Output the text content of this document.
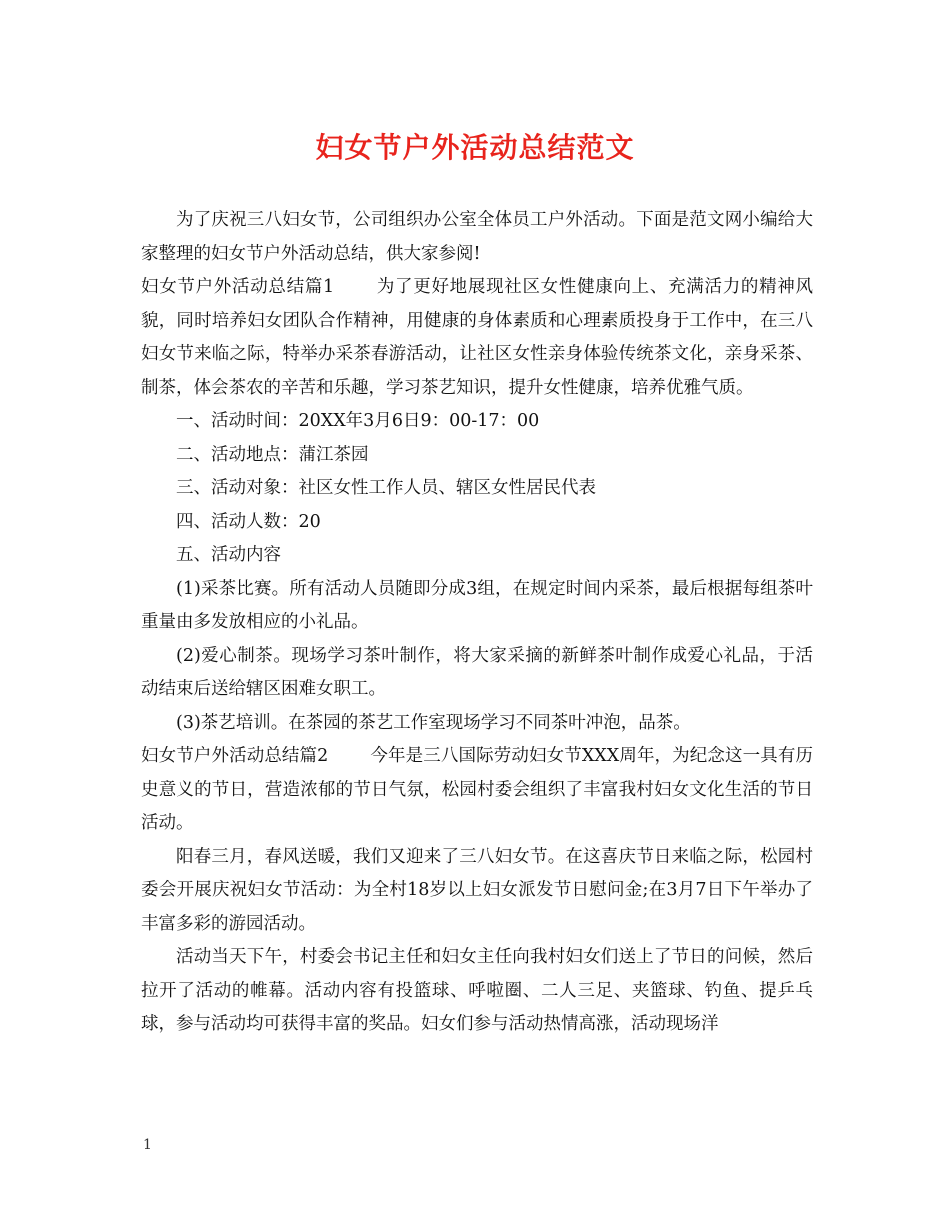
妇女节户外活动总结范文

为了庆祝三八妇女节，公司组织办公室全体员工户外活动。下面是范文网小编给大家整理的妇女节户外活动总结，供大家参阅!

妇女节户外活动总结篇1 为了更好地展现社区女性健康向上、充满活力的精神风貌，同时培养妇女团队合作精神，用健康的身体素质和心理素质投身于工作中，在三八妇女节来临之际，特举办采茶春游活动，让社区女性亲身体验传统茶文化，亲身采茶、制茶，体会茶农的辛苦和乐趣，学习茶艺知识，提升女性健康，培养优雅气质。

一、活动时间：20XX年3月6日9：00-17：00

二、活动地点：蒲江茶园

三、活动对象：社区女性工作人员、辖区女性居民代表

四、活动人数：20

五、活动内容

(1)采茶比赛。所有活动人员随即分成3组，在规定时间内采茶，最后根据每组茶叶重量由多发放相应的小礼品。

(2)爱心制茶。现场学习茶叶制作，将大家采摘的新鲜茶叶制作成爱心礼品，于活动结束后送给辖区困难女职工。

(3)茶艺培训。在茶园的茶艺工作室现场学习不同茶叶冲泡，品茶。

妇女节户外活动总结篇2 今年是三八国际劳动妇女节XXX周年，为纪念这一具有历史意义的节日，营造浓郁的节日气氛，松园村委会组织了丰富我村妇女文化生活的节日活动。

阳春三月，春风送暖，我们又迎来了三八妇女节。在这喜庆节日来临之际，松园村委会开展庆祝妇女节活动：为全村18岁以上妇女派发节日慰问金;在3月7日下午举办了丰富多彩的游园活动。

活动当天下午，村委会书记主任和妇女主任向我村妇女们送上了节日的问候，然后拉开了活动的帷幕。活动内容有投篮球、呼啦圈、二人三足、夹篮球、钓鱼、提乒乓球，参与活动均可获得丰富的奖品。妇女们参与活动热情高涨，活动现场洋

1
